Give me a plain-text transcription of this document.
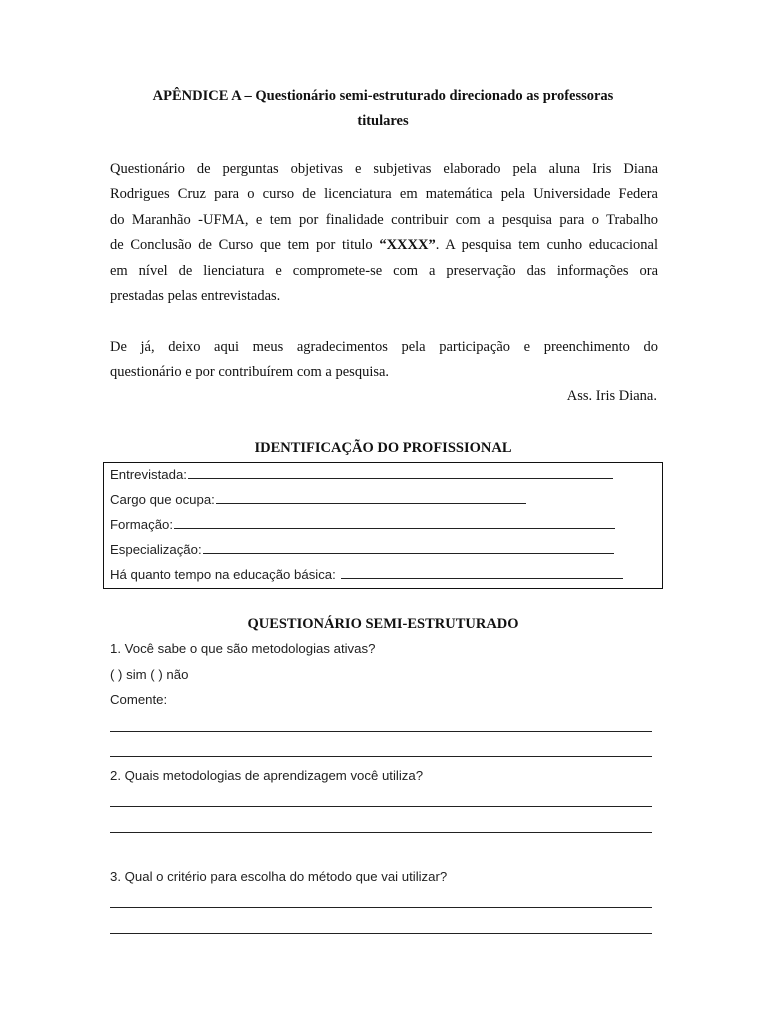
APÊNDICE A – Questionário semi-estruturado direcionado as professoras
titulares
Questionário de perguntas objetivas e subjetivas elaborado pela aluna Iris Diana
Rodrigues Cruz para o curso de licenciatura em matemática pela Universidade Federa
do Maranhão -UFMA, e tem por finalidade contribuir com a pesquisa para o Trabalho
de Conclusão de Curso que tem por titulo “XXXX”. A pesquisa tem cunho educacional
em nível de lienciatura e compromete-se com a preservação das informações ora
prestadas pelas entrevistadas.
De já, deixo aqui meus agradecimentos pela participação e preenchimento do
questionário e por contribuírem com a pesquisa.
Ass. Iris Diana.
IDENTIFICAÇÃO DO PROFISSIONAL
Entrevistada:
Cargo que ocupa:
Formação:
Especialização:
Há quanto tempo na educação básica:
QUESTIONÁRIO SEMI-ESTRUTURADO
1. Você sabe o que são metodologias ativas?
( ) sim ( ) não
Comente:
2. Quais metodologias de aprendizagem você utiliza?
3. Qual o critério para escolha do método que vai utilizar?
